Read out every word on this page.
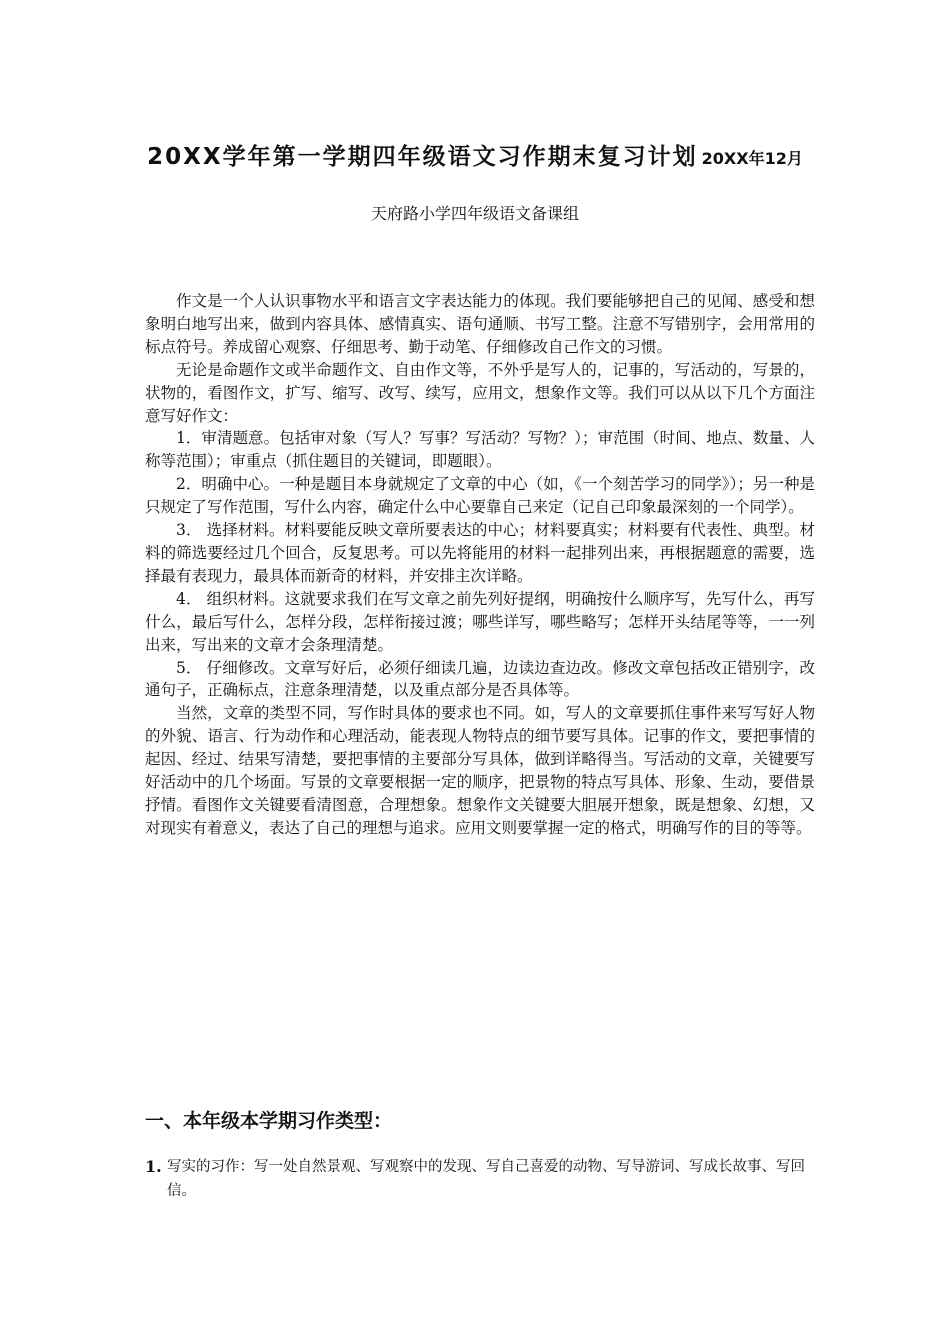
20XX学年第一学期四年级语文习作期末复习计划 20XX年12月
天府路小学四年级语文备课组

作文是一个人认识事物水平和语言文字表达能力的体现。我们要能够把自己的见闻、感受和想象明白地写出来，做到内容具体、感情真实、语句通顺、书写工整。注意不写错别字，会用常用的标点符号。养成留心观察、仔细思考、勤于动笔、仔细修改自己作文的习惯。

无论是命题作文或半命题作文、自由作文等，不外乎是写人的，记事的，写活动的，写景的，状物的，看图作文，扩写、缩写、改写、续写，应用文，想象作文等。我们可以从以下几个方面注意写好作文：

1．审清题意。包括审对象（写人？写事？写活动？写物？）；审范围（时间、地点、数量、人称等范围）；审重点（抓住题目的关键词，即题眼）。

2．明确中心。一种是题目本身就规定了文章的中心（如，《一个刻苦学习的同学》）；另一种是只规定了写作范围，写什么内容，确定什么中心要靠自己来定（记自己印象最深刻的一个同学）。

3． 选择材料。材料要能反映文章所要表达的中心；材料要真实；材料要有代表性、典型。材料的筛选要经过几个回合，反复思考。可以先将能用的材料一起排列出来，再根据题意的需要，选择最有表现力，最具体而新奇的材料，并安排主次详略。

4． 组织材料。这就要求我们在写文章之前先列好提纲，明确按什么顺序写，先写什么，再写什么，最后写什么，怎样分段，怎样衔接过渡；哪些详写，哪些略写；怎样开头结尾等等，一一列出来，写出来的文章才会条理清楚。

5． 仔细修改。文章写好后，必须仔细读几遍，边读边查边改。修改文章包括改正错别字，改通句子，正确标点，注意条理清楚，以及重点部分是否具体等。

当然，文章的类型不同，写作时具体的要求也不同。如，写人的文章要抓住事件来写写好人物的外貌、语言、行为动作和心理活动，能表现人物特点的细节要写具体。记事的作文，要把事情的起因、经过、结果写清楚，要把事情的主要部分写具体，做到详略得当。写活动的文章，关键要写好活动中的几个场面。写景的文章要根据一定的顺序，把景物的特点写具体、形象、生动，要借景抒情。看图作文关键要看清图意，合理想象。想象作文关键要大胆展开想象，既是想象、幻想，又对现实有着意义，表达了自己的理想与追求。应用文则要掌握一定的格式，明确写作的目的等等。

一、本年级本学期习作类型：
1. 写实的习作：写一处自然景观、写观察中的发现、写自己喜爱的动物、写导游词、写成长故事、写回信。
